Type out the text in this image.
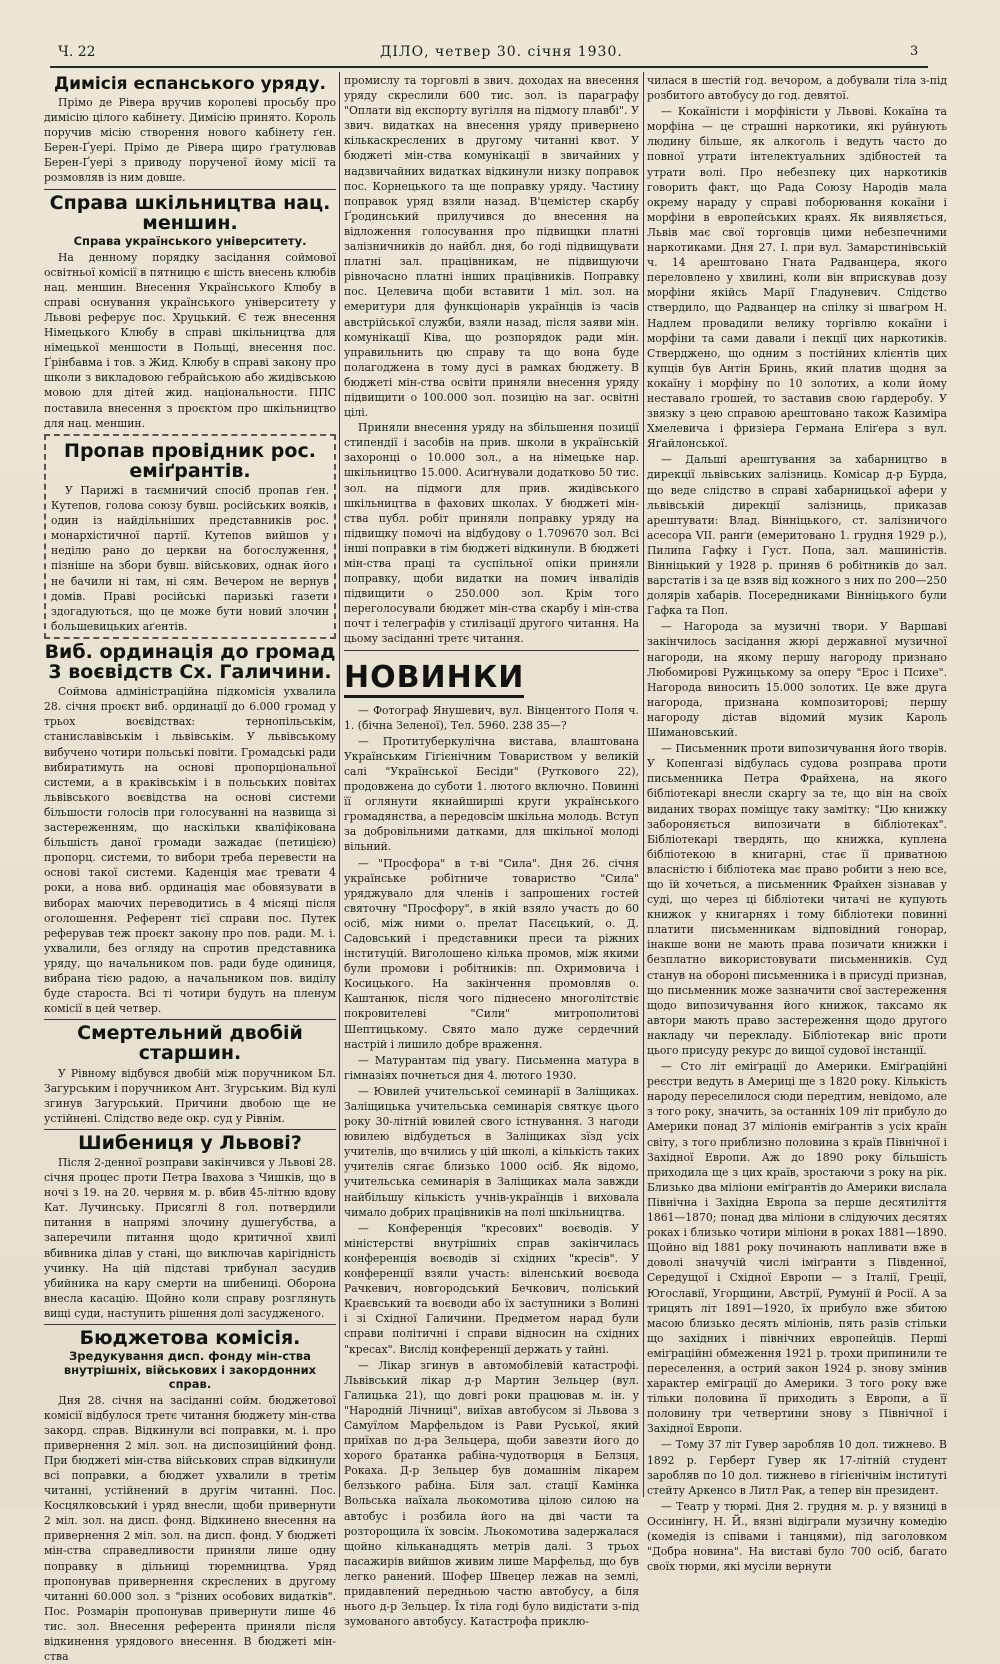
Ч. 22	ДІЛО, четвер 30. січня 1930.	3
Димісія еспанського уряду.

Прімо де Рівера вручив королеві просьбу про димісію цілого кабінету. Димісію принято. Король поручив місію створення нового кабінету ґен. Берен-Ґуері. Прімо де Рівера щиро ґратулював Берен-Ґуері з приводу порученої йому місії та розмовляв із ним довше.

Справа шкільництва нац. меншин.
Справа українського університету.

На денному порядку засідання соймової освітньої комісії в пятницю є шість внесень клюбів нац. меншин. Внесення Українського Клюбу в справі оснування українського університету у Львові реферує пос. Хруцький. Є теж внесення Німецького Клюбу в справі шкільництва для німецької меншости в Польщі, внесення пос. Ґрінбавма і тов. з Жид. Клюбу в справі закону про школи з викладовою гебрайською або жидівською мовою для дітей жид. національности. ППС поставила внесення з проєктом про шкільництво для нац. меншин.

Пропав провідник рос. еміґрантів.

У Парижі в таємничий спосіб пропав ґен. Кутепов, голова союзу бувш. російських вояків, один із найдільніших представників рос. монархістичної партії. Кутепов вийшов у неділю рано до церкви на богослуження, пізніше на збори бувш. військових, однак його не бачили ні там, ні сям. Вечером не вернув домів. Праві російські паризькі газети здогадуються, що це може бути новий злочин большевицьких аґентів.

Виб. ординація до громад 3 воєвідств Сх. Галичини.

Соймова адміністраційна підкомісія ухвалила 28. січня проєкт виб. ординації до 6.000 громад у трьох воєвідствах: тернопільськім, станиславівськім і львівськім. У львівському вибучено чотири польські повіти. Громадські ради вибиратимуть на основі пропорціональної системи, а в краківськім і в польських повітах львівського воєвідства на основі системи більшости голосів при голосуванні на назвища зі застереженням, що наскільки кваліфікована більшість даної громади зажадає (петицією) пропорц. системи, то вибори треба перевести на основі такої системи. Каденція має тревати 4 роки, а нова виб. ординація має обовязувати в виборах маючих переводитись в 4 місяці після оголошення. Референт тієї справи пос. Путек реферував теж проєкт закону про пов. ради. М. і. ухвалили, без огляду на спротив представника уряду, що начальником пов. ради буде одиниця, вибрана тією радою, а начальником пов. виділу буде староста. Всі ті чотири будуть на пленум комісії в цей четвер.

Смертельний двобій старшин.

У Рівному відбувся двобій між поручником Бл. Загурським і поручником Ант. Згурським. Від кулі згинув Загурський. Причини двобою ще не устійнені. Слідство веде окр. суд у Рівнім.

Шибениця у Львові?

Після 2-денної розправи закінчився у Львові 28. січня процес проти Петра Івахова з Чишків, що в ночі з 19. на 20. червня м. р. вбив 45-літню вдову Кат. Лучинську. Присяглі 8 гол. потвердили питання в напрямі злочину душегубства, а заперечили питання щодо критичної хвилі вбивника ділав у стані, що виключав карігідність учинку. На цій підставі трибунал засудив убийника на кару смерти на шибениці. Оборона внесла касацію. Щойно коли справу розглянуть вищі суди, наступить рішення долі засудженого.

Бюджетова комісія.
Зредукування дисп. фонду мін-ства внутрішніх, військових і закордонних справ.

Дня 28. січня на засіданні сойм. бюджетової комісії відбулося третє читання бюджету мін-ства закорд. справ. Відкинули всі поправки, м. і. про привернення 2 міл. зол. на диспозиційний фонд. При бюджеті мін-ства військових справ відкинули всі поправки, а бюджет ухвалили в третім читанні, устійнений в другім читанні. Пос. Косцялковський і уряд внесли, щоби привернути 2 міл. зол. на дисп. фонд. Відкинено внесення на привернення 2 міл. зол. на дисп. фонд. У бюджеті мін-ства справедливости приняли лише одну поправку в дільниці тюремництва. Уряд пропонував привернення скреслених в другому читанні 60.000 зол. з "різних особових видатків". Пос. Розмарін пропонував привернути лише 46 тис. зол. Внесення референта приняли після відкинення урядового внесення. В бюджеті мін-ства

промислу та торговлі в звич. доходах на внесення уряду скреслили 600 тис. зол. із параграфу "Оплати від експорту вугілля на підмогу плавбі". У звич. видатках на внесення уряду привернено кількаскреслених в другому читанні квот. У бюджеті мін-ства комунікації в звичайних у надзвичайних видатках відкинули низку поправок пос. Корнецького та ще поправку уряду. Частину поправок уряд взяли назад. В'цемістер скарбу Ґродинський прилучився до внесення на відложення голосування про підвищки платні залізничників до найбл. дня, бо годі підвищувати платні зал. працівникам, не підвищуючи рівночасно платні інших працівників. Поправку пос. Целевича щоби вставити 1 міл. зол. на емеритури для функціонарів українців із часів австрійської служби, взяли назад, після заяви мін. комунікації Ківа, що розпорядок ради мін. управильнить цю справу та що вона буде полагоджена в тому дусі в рамках бюджету. В бюджеті мін-ства освіти приняли внесення уряду підвищити о 100.000 зол. позицію на заг. освітні цілі.

Приняли внесення уряду на збільшення позиції стипендії і засобів на прив. школи в українській захоронці о 10.000 зол., а на німецьке нар. шкільництво 15.000. Асиґнували додатково 50 тис. зол. на підмоги для прив. жидівського шкільництва в фахових школах. У бюджеті мін-ства публ. робіт приняли поправку уряду на підвищку помочі на відбудову о 1.709670 зол. Всі інші поправки в тім бюджеті відкинули. В бюджеті мін-ства праці та суспільної опіки приняли поправку, щоби видатки на помич інвалідів підвищити о 250.000 зол. Крім того переголосували бюджет мін-ства скарбу і мін-ства почт і телеграфів у стилізації другого читання. На цьому засіданні третє читання.

НОВИНКИ

— Фотограф Янушевич, вул. Вінцентого Поля ч. 1. (бічна Зеленої), Тел. 5960. 238 35—?

— Протитуберкулічна вистава, влаштована Українським Гігієнічним Товариством у великій салі "Української Бесіди" (Руткового 22), продовжена до суботи 1. лютого включно. Повинні її оглянути якнайширші круги українського громадянства, а передовсім шкільна молодь. Вступ за добровільними датками, для шкільної молоді вільний.

— "Просфора" в т-ві "Сила". Дня 26. січня українське робітниче товариство "Сила" уряджувало для членів і запрошених гостей святочну "Просфору", в якій взяло участь до 60 осіб, між ними о. прелат Пасєцький, о. Д. Садовський і представники преси та ріжних інституцій. Виголошено кілька промов, між якими були промови і робітників: пп. Охримовича і Косицького. На закінчення промовляв о. Каштанюк, після чого піднесено многолітствіє покровителеві "Сили" митрополитові Шептицькому. Свято мало дуже сердечний настрій і лишило добре враження.

— Матурантам під увагу. Письменна матура в гімназіях почнеться дня 4. лютого 1930.

— Ювилей учительської семинарії в Заліщиках. Заліщицька учительська семинарія святкує цього року 30-літній ювилей свого істнування. З нагоди ювилею відбудеться в Заліщиках зїзд усіх учителів, що вчились у цій школі, а кількість таких учителів сягає близько 1000 осіб. Як відомо, учительська семинарія в Заліщиках мала завжди найбільшу кількість учнів-українців і виховала чимало добрих працівників на полі шкільництва.

— Конференція "кресових" воєводів. У міністерстві внутрішніх справ закінчилась конференція воєводів зі східних "кресів". У конференції взяли участь: віленський воєвода Рачкевич, новгородський Бечкович, поліський Краєвський та воєводи або їх заступники з Волині і зі Східної Галичини. Предметом нарад були справи політичні і справи відносин на східних "кресах". Вислід конференції держать у тайні.

— Лікар згинув в автомобілевій катастрофі. Львівський лікар д-р Мартин Зельцер (вул. Галицька 21), що довгі роки працював м. ін. у "Народній Лічниці", виїхав автобусом зі Львова з Самуїлом Марфельдом із Рави Руської, який приїхав по д-ра Зельцера, щоби завезти його до хорого братанка рабіна-чудотворця в Белзця, Рокаха. Д-р Зельцер був домашнім лікарем белзького рабіна. Біля зал. стації Камінка Вольська наїхала льокомотива цілою силою на автобус і розбила його на дві части та розторощила їх зовсім. Льокомотива задержалася щойно кільканадцять метрів далі. З трьох пасажирів вийшов живим лише Марфельд, що був легко ранений. Шофер Швецер лежав на землі, придавлений передньою частю автобусу, а біля нього д-р Зельцер. Їх тіла годі було видістати з-під зумованого автобусу. Катастрофа приклю-

чилася в шестій год. вечором, а добували тіла з-під розбитого автобусу до год. девятої.

— Кокаїністи і морфіністи у Львові. Кокаїна та морфіна — це страшні наркотики, які руйнують людину більше, як алкоголь і ведуть часто до повної утрати інтелектуальних здібностей та утрати волі. Про небезпеку цих наркотиків говорить факт, що Рада Союзу Народів мала окрему нараду у справі поборювання кокаїни і морфіни в европейських краях. Як виявляється, Львів має свої торговців цими небезпечними наркотиками. Дня 27. І. при вул. Замарстинівській ч. 14 арештовано Гната Радванцера, якого переловлено у хвилині, коли він вприскував дозу морфіни якійсь Марії Гладуневич. Слідство ствердило, що Радванцер на спілку зі шваґром Н. Надлем провадили велику торгівлю кокаїни і морфіни та сами давали і пекції цих наркотиків. Стверджено, що одним з постійних клієнтів цих купців був Антін Бринь, який платив щодня за кокаїну і морфіну по 10 золотих, а коли йому неставало грошей, то заставив свою ґардеробу. У звязку з цею справою арештовано також Казиміра Хмелевича і фризіера Германа Еліґера з вул. Яґайлонської.

— Дальші арештування за хабарництво в дирекції львівських залізниць. Комісар д-р Бурда, що веде слідство в справі хабарницької афери у львівській дирекції залізниць, приказав арештувати: Влад. Вінніцького, ст. залізничого асесора VII. ранґи (емеритовано 1. грудня 1929 р.), Пилипа Гафку і Густ. Попа, зал. машиністів. Вінніцький у 1928 р. приняв 6 робітників до зал. варстатів і за це взяв від кожного з них по 200—250 долярів хабарів. Посередниками Вінніцького були Гафка та Поп.

— Нагорода за музичні твори. У Варшаві закінчилось засідання жюрі державної музичної нагороди, на якому першу нагороду признано Любомирові Ружицькому за оперу "Ерос і Психе". Нагорода виносить 15.000 золотих. Це вже друга нагорода, признана композиторові; першу нагороду дістав відомий музик Кароль Шимановський.

— Письменник проти випозичування його творів. У Копенгазі відбулась судова розправа проти письменника Петра Фрайхена, на якого бібліотекарі внесли скаргу за те, що він на своїх виданих творах поміщує таку замітку: "Цю книжку забороняється випозичати в бібліотеках". Бібліотекарі твердять, що книжка, куплена бібліотекою в книгарні, стає її приватною власністю і бібліотека має право робити з нею все, що їй хочеться, а письменник Фрайхен зізнавав у суді, що через ці бібліотеки читачі не купують книжок у книгарнях і тому бібліотеки повинні платити письменникам відповідний гонорар, інакше вони не мають права позичати книжки і безплатно використовувати письменників. Суд станув на обороні письменника і в присуді признав, що письменник може зазначити свої застереження щодо випозичування його книжок, таксамо як автори мають право застереження щодо другого накладу чи перекладу. Бібліотекар вніс проти цього присуду рекурс до вищої судової інстанції.

— Сто літ еміґрації до Америки. Еміґраційні реєстри ведуть в Америці ще з 1820 року. Кількість народу переселилося сюди передтим, невідомо, але з того року, значить, за останніх 109 літ прибуло до Америки понад 37 мілiонів еміґрантів з усіх країн світу, з того приблизно половина з країв Північної і Західної Европи. Аж до 1890 року більшість приходила ще з цих країв, зростаючи з року на рік. Близько два мілiони еміґрантів до Америки вислала Північна і Західна Европа за перше десятиліття 1861—1870; понад два мілiони в слідуючих десятях роках і близько чотири мілiони в роках 1881—1890. Щойно від 1881 року починають напливати вже в доволі значучій числі іміґранти з Південної, Середущої і Східної Европи — з Італії, Греції, Югославії, Угорщини, Австрії, Румунії й Росії. А за трицять літ 1891—1920, їх прибуло вже збитою масою близько десять мілiонів, пять разів стільки що західних і північних европейців. Перші еміґраційні обмеження 1921 р. трохи припинили те переселення, а острий закон 1924 р. знову змінив характер еміґрації до Америки. З того року вже тільки половина її приходить з Европи, а її половину три четвертини знову з Північної і Західної Европи.

— Тому 37 літ Гувер заробляв 10 дол. тижнево. В 1892 р. Герберт Гувер як 17-літній студент заробляв по 10 дол. тижнево в гігієнічнім інституті стейту Аркенсо в Литл Рак, а тепер він президент.

— Театр у тюрмі. Дня 2. грудня м. р. у вязниці в Оссинінгу, Н. Й., вязні відіграли музичну комедію (комедія із співами і танцями), під заголовком "Добра новина". На виставі було 700 осіб, багато своїх тюрми, які мусіли вернути
